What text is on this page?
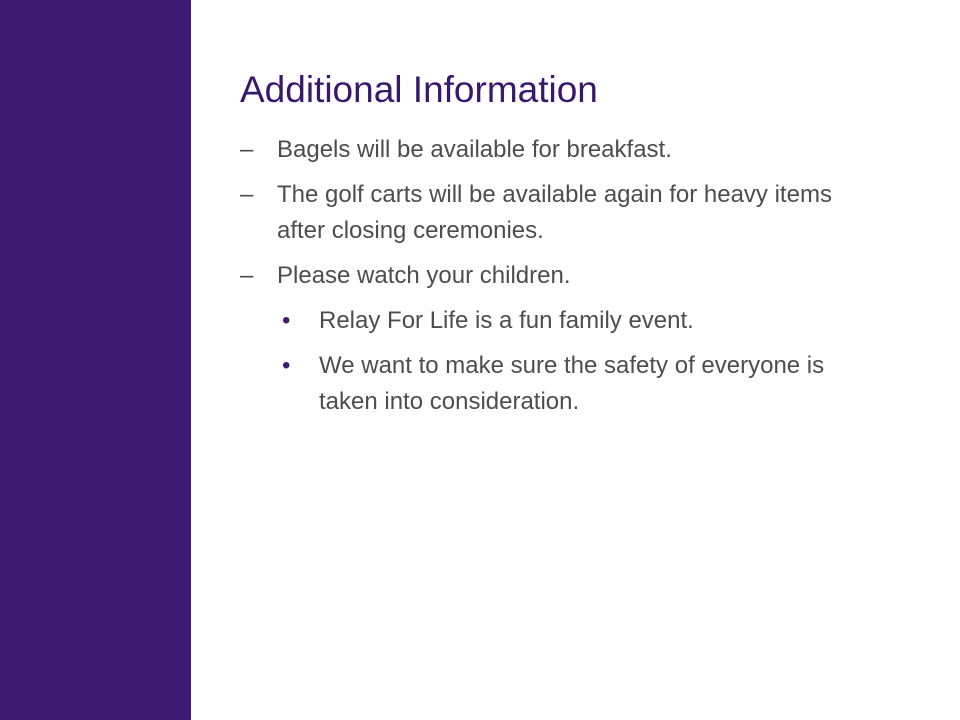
Additional Information
– Bagels will be available for breakfast.
– The golf carts will be available again for heavy items after closing ceremonies.
– Please watch your children.
• Relay For Life is a fun family event.
• We want to make sure the safety of everyone is taken into consideration.
